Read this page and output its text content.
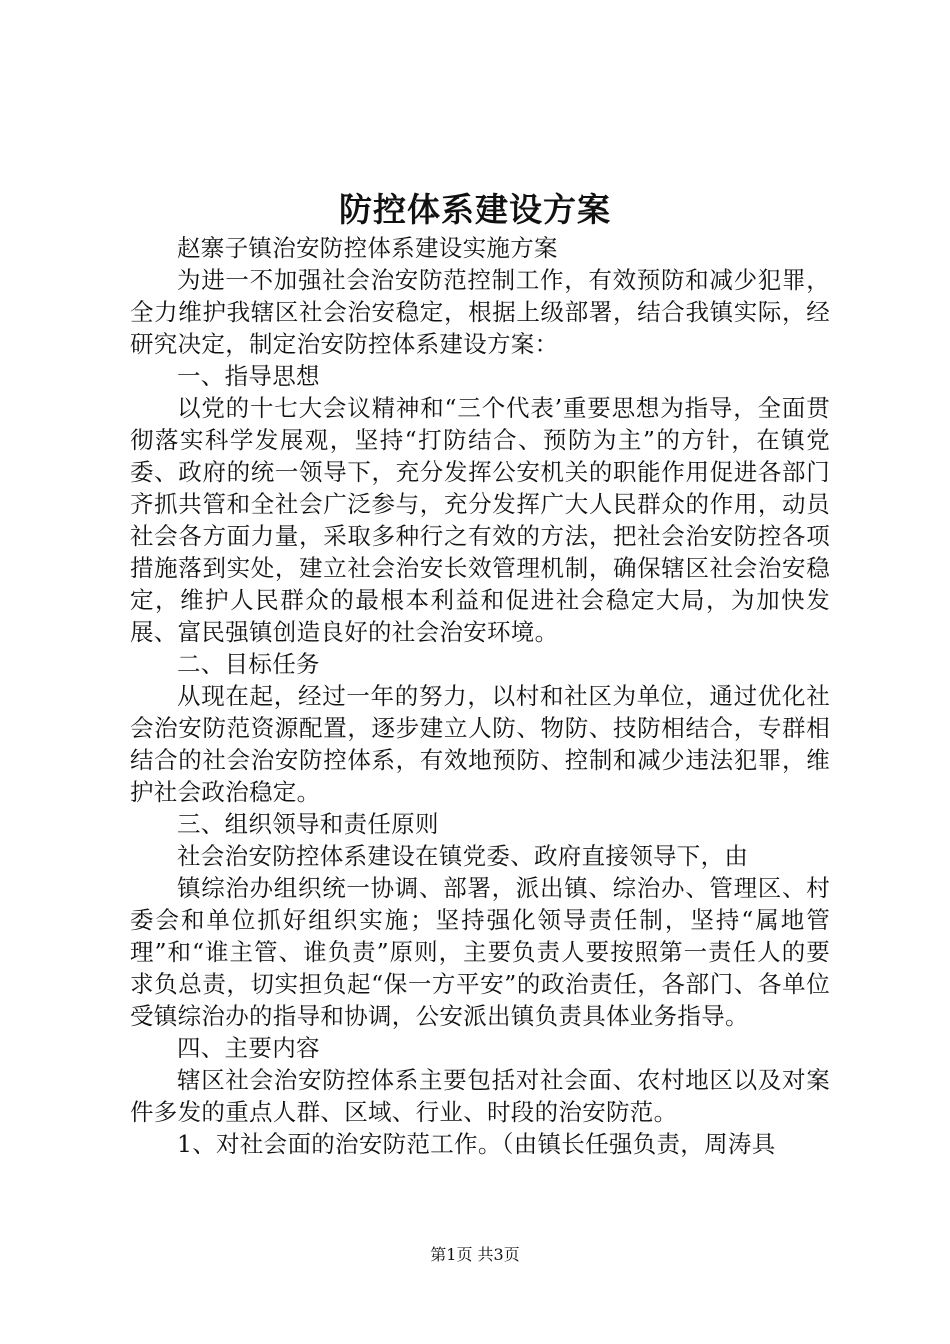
防控体系建设方案

赵寨子镇治安防控体系建设实施方案

为进一不加强社会治安防范控制工作，有效预防和减少犯罪，全力维护我辖区社会治安稳定，根据上级部署，结合我镇实际，经研究决定，制定治安防控体系建设方案：

一、指导思想

以党的十七大会议精神和“三个代表’重要思想为指导，全面贯彻落实科学发展观，坚持“打防结合、预防为主”的方针，在镇党委、政府的统一领导下，充分发挥公安机关的职能作用促进各部门齐抓共管和全社会广泛参与，充分发挥广大人民群众的作用，动员社会各方面力量，采取多种行之有效的方法，把社会治安防控各项措施落到实处，建立社会治安长效管理机制，确保辖区社会治安稳定，维护人民群众的最根本利益和促进社会稳定大局，为加快发展、富民强镇创造良好的社会治安环境。

二、目标任务

从现在起，经过一年的努力，以村和社区为单位，通过优化社会治安防范资源配置，逐步建立人防、物防、技防相结合，专群相结合的社会治安防控体系，有效地预防、控制和减少违法犯罪，维护社会政治稳定。

三、组织领导和责任原则

社会治安防控体系建设在镇党委、政府直接领导下，由

镇综治办组织统一协调、部署，派出镇、综治办、管理区、村委会和单位抓好组织实施；坚持强化领导责任制，坚持“属地管理”和“谁主管、谁负责”原则，主要负责人要按照第一责任人的要求负总责，切实担负起“保一方平安”的政治责任，各部门、各单位受镇综治办的指导和协调，公安派出镇负责具体业务指导。

四、主要内容

辖区社会治安防控体系主要包括对社会面、农村地区以及对案件多发的重点人群、区域、行业、时段的治安防范。

1、对社会面的治安防范工作。（由镇长任强负责，周涛具

第1页 共3页
